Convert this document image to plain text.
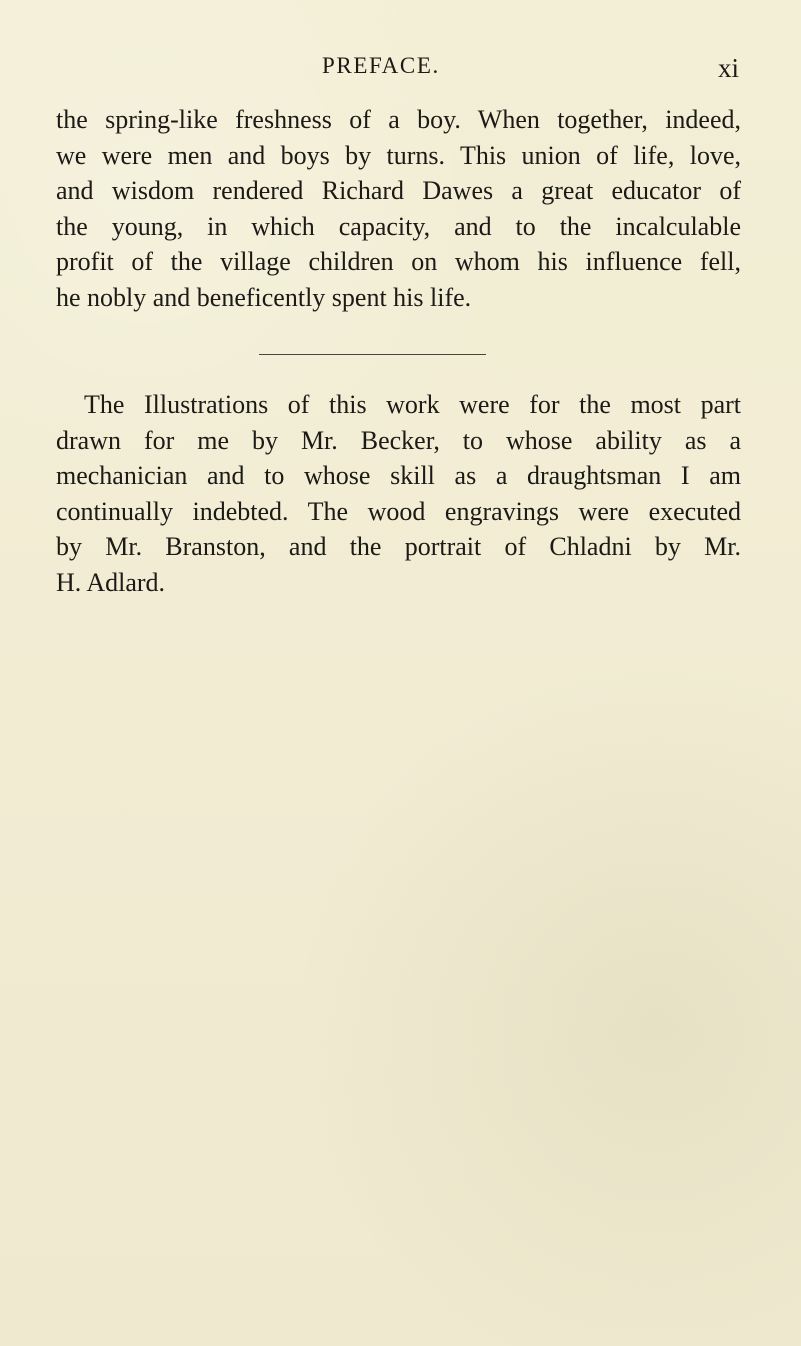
PREFACE.	xi
the spring-like freshness of a boy. When together, indeed,
we were men and boys by turns. This union of life, love,
and wisdom rendered Richard Dawes a great educator of
the young, in which capacity, and to the incalculable
profit of the village children on whom his influence fell,
he nobly and beneficently spent his life.
The Illustrations of this work were for the most part
drawn for me by Mr. Becker, to whose ability as a
mechanician and to whose skill as a draughtsman I am
continually indebted. The wood engravings were executed
by Mr. Branston, and the portrait of Chladni by Mr.
H. Adlard.
